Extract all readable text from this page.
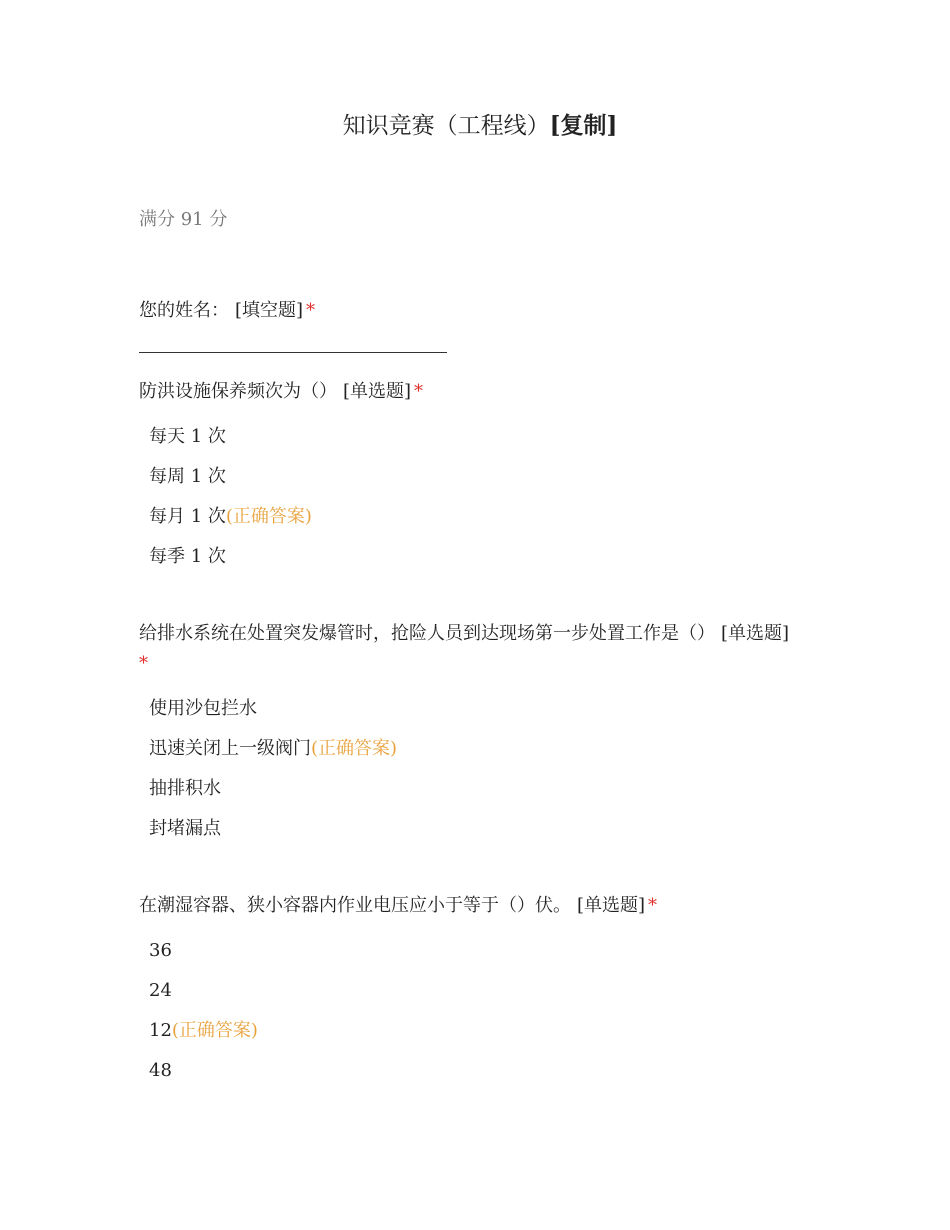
知识竞赛（工程线）[复制]
满分 91 分
您的姓名： [填空题] *
防洪设施保养频次为（） [单选题] *
每天 1 次
每周 1 次
每月 1 次(正确答案)
每季 1 次
给排水系统在处置突发爆管时，抢险人员到达现场第一步处置工作是（） [单选题]
*
使用沙包拦水
迅速关闭上一级阀门(正确答案)
抽排积水
封堵漏点
在潮湿容器、狭小容器内作业电压应小于等于（）伏。 [单选题] *
36
24
12(正确答案)
48
